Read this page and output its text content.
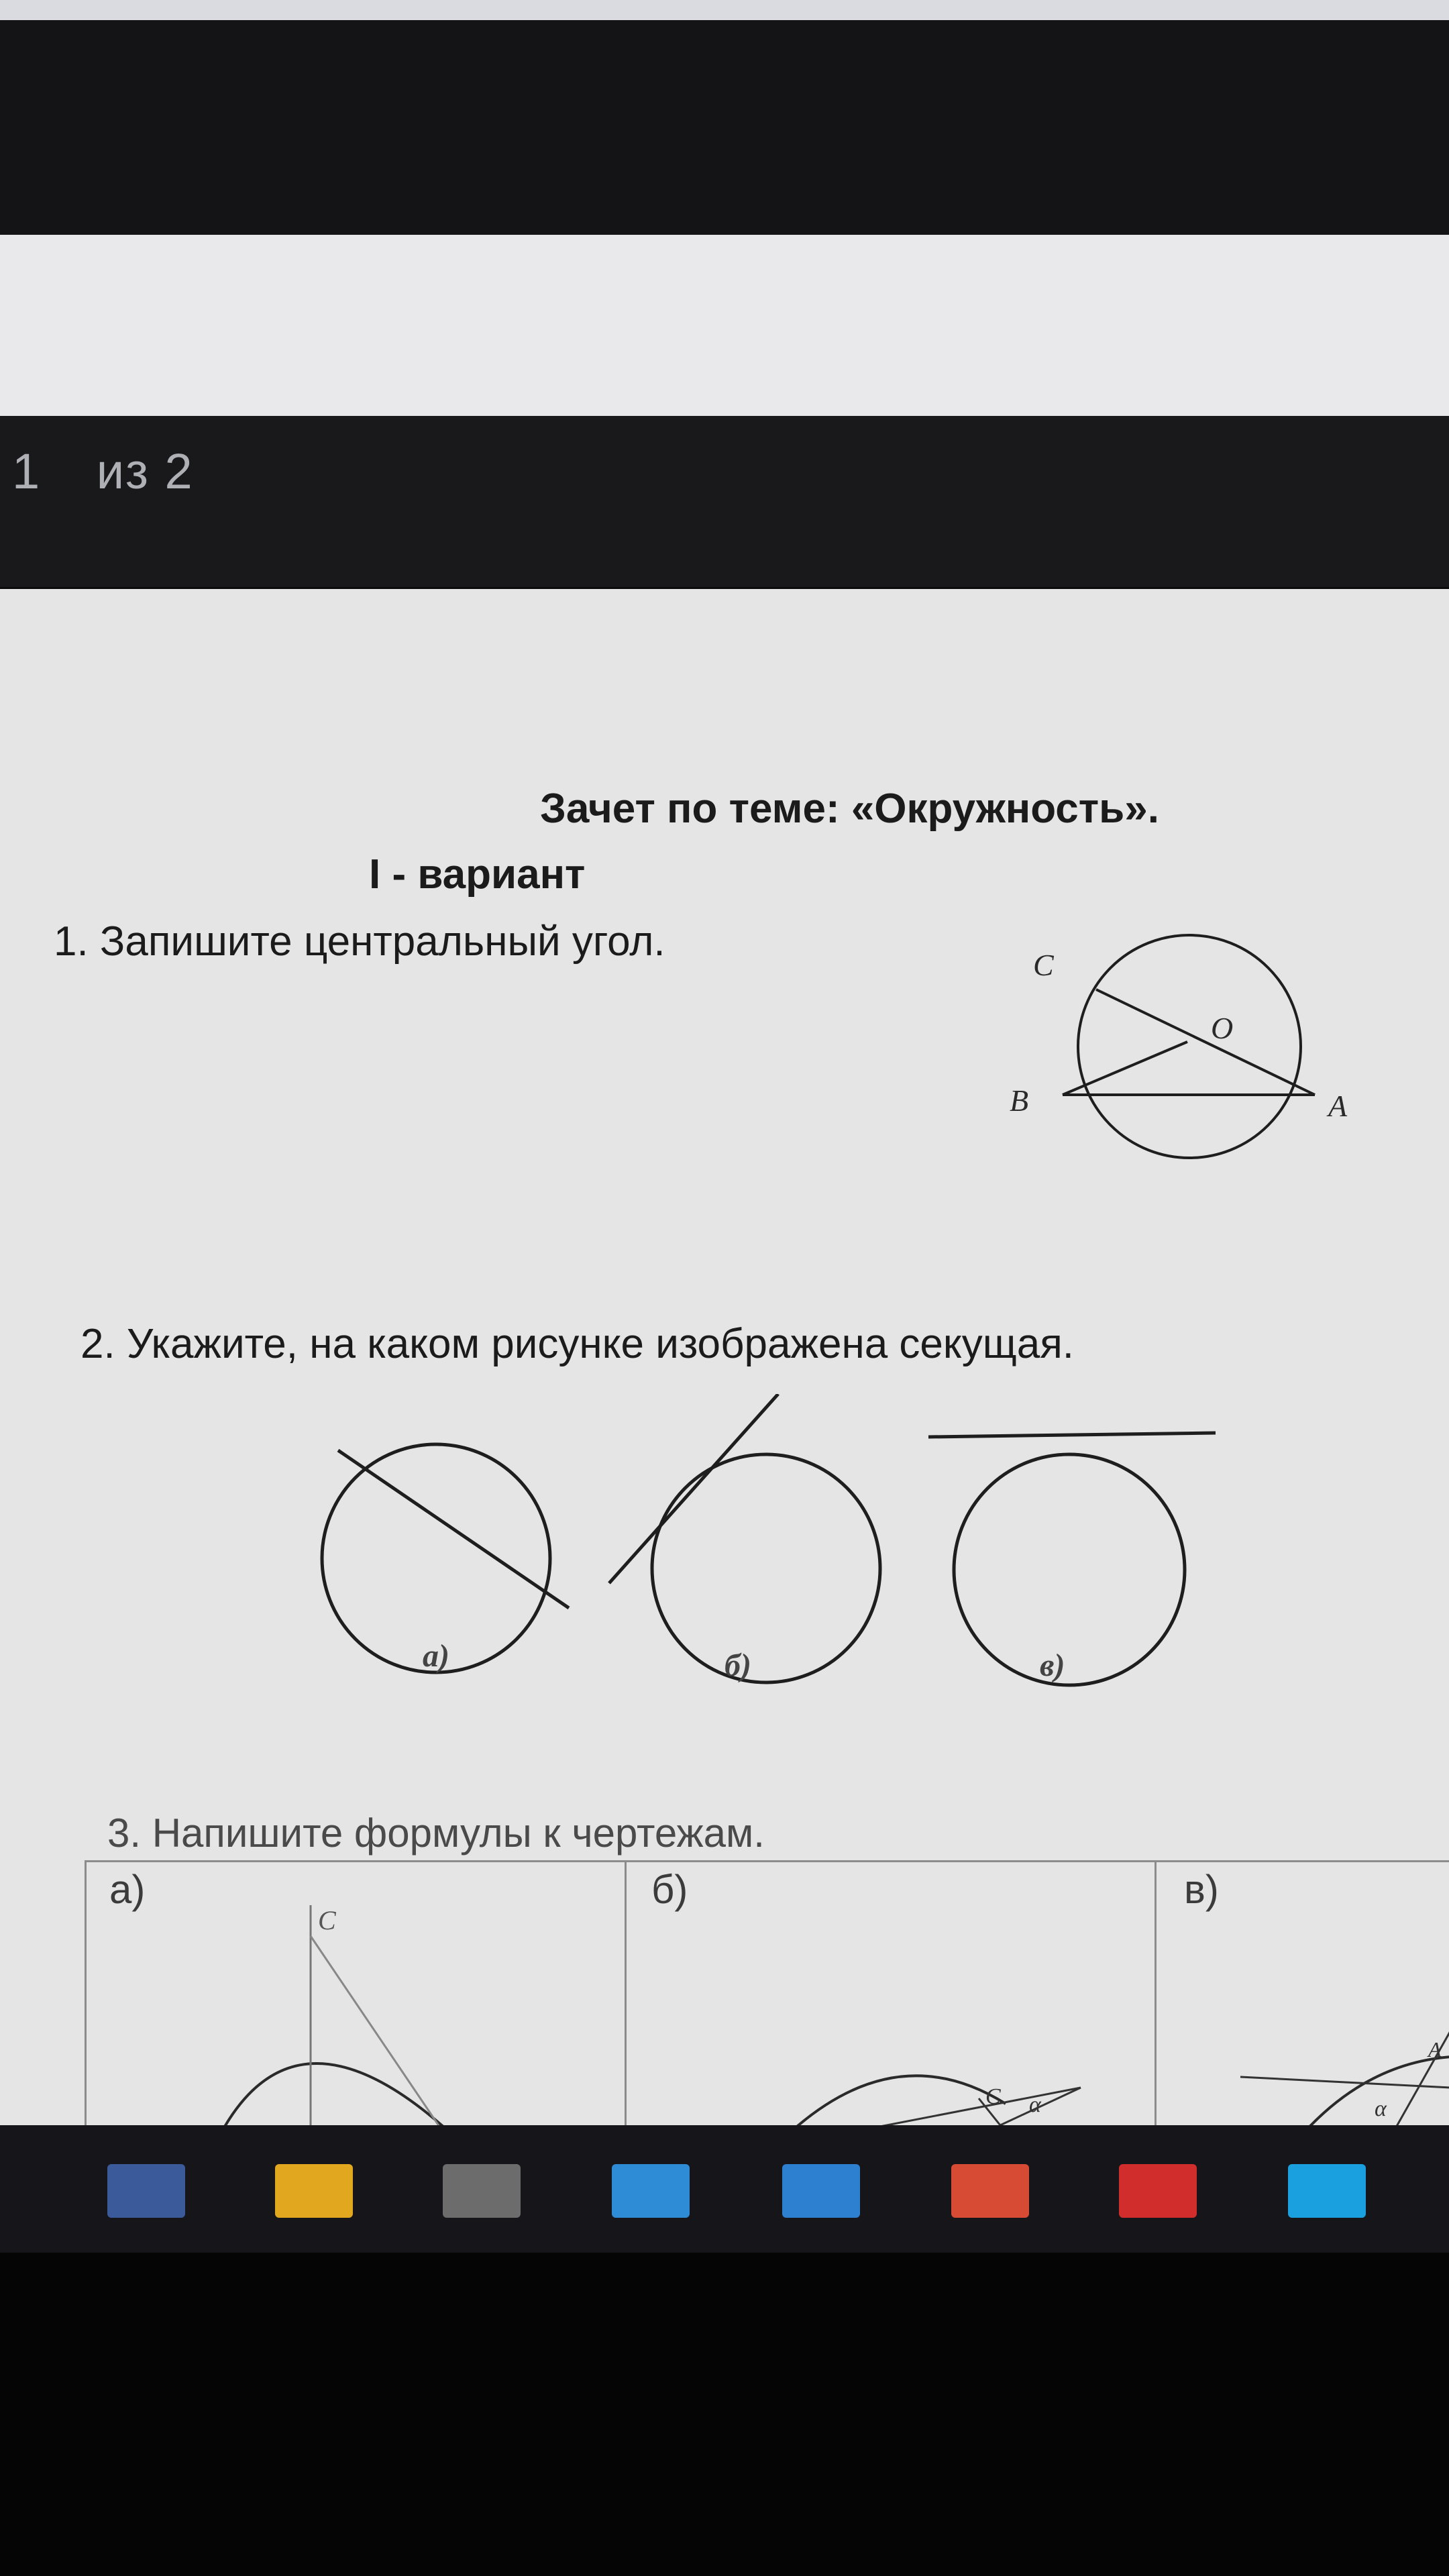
1 из 2
Зачет по теме: «Окружность».
I - вариант
1. Запишите центральный угол.
C
O
B	A
2. Укажите, на каком рисунке изображена секущая.
а)	б)	в)
3. Напишите формулы к чертежам.
а)	б)	в)
C
C α
A
α
